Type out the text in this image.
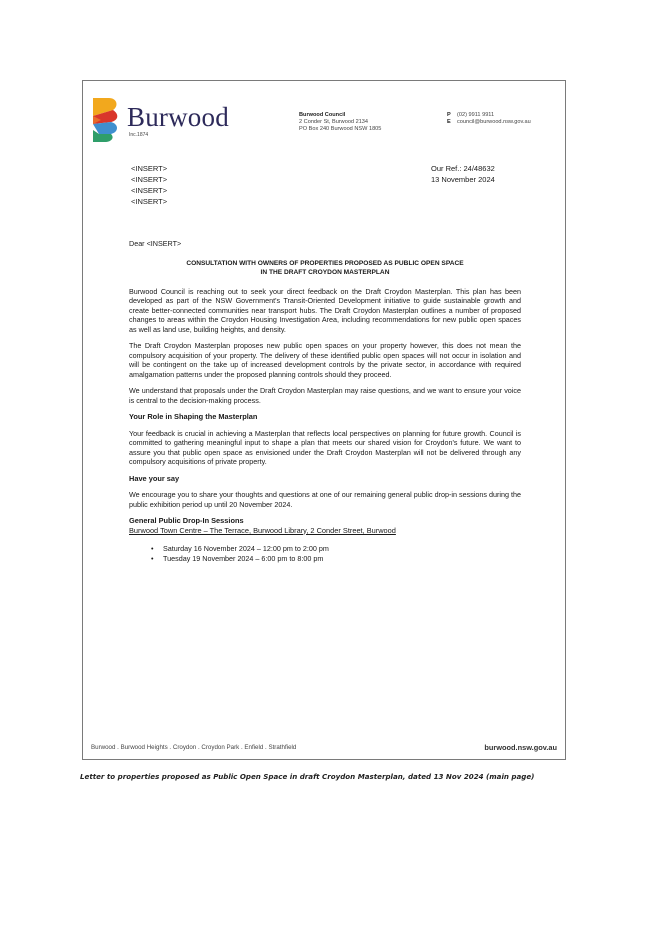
Burwood
Inc.1874
Burwood Council
2 Conder St, Burwood 2134
PO Box 240 Burwood NSW 1805
P (02) 9911 9911
E council@burwood.nsw.gov.au
<INSERT>
<INSERT>
<INSERT>
<INSERT>
Our Ref.: 24/48632
13 November 2024

Dear <INSERT>

CONSULTATION WITH OWNERS OF PROPERTIES PROPOSED AS PUBLIC OPEN SPACE
IN THE DRAFT CROYDON MASTERPLAN

Burwood Council is reaching out to seek your direct feedback on the Draft Croydon Masterplan. This plan has been developed as part of the NSW Government's Transit-Oriented Development initiative to guide sustainable growth and create better-connected communities near transport hubs. The Draft Croydon Masterplan outlines a number of proposed changes to areas within the Croydon Housing Investigation Area, including recommendations for new public open spaces as well as land use, building heights, and density.

The Draft Croydon Masterplan proposes new public open spaces on your property however, this does not mean the compulsory acquisition of your property. The delivery of these identified public open spaces will not occur in isolation and will be contingent on the take up of increased development controls by the private sector, in accordance with required amalgamation patterns under the proposed planning controls should they proceed.

We understand that proposals under the Draft Croydon Masterplan may raise questions, and we want to ensure your voice is central to the decision-making process.

Your Role in Shaping the Masterplan

Your feedback is crucial in achieving a Masterplan that reflects local perspectives on planning for future growth. Council is committed to gathering meaningful input to shape a plan that meets our shared vision for Croydon's future. We want to assure you that public open space as envisioned under the Draft Croydon Masterplan will not be delivered through any compulsory acquisitions of private property.

Have your say

We encourage you to share your thoughts and questions at one of our remaining general public drop-in sessions during the public exhibition period up until 20 November 2024.

General Public Drop-In Sessions
Burwood Town Centre – The Terrace, Burwood Library, 2 Conder Street, Burwood
• Saturday 16 November 2024 – 12:00 pm to 2:00 pm
• Tuesday 19 November 2024 – 6:00 pm to 8:00 pm
Burwood . Burwood Heights . Croydon . Croydon Park . Enfield . Strathfield	burwood.nsw.gov.au
Letter to properties proposed as Public Open Space in draft Croydon Masterplan, dated 13 Nov 2024 (main page)
